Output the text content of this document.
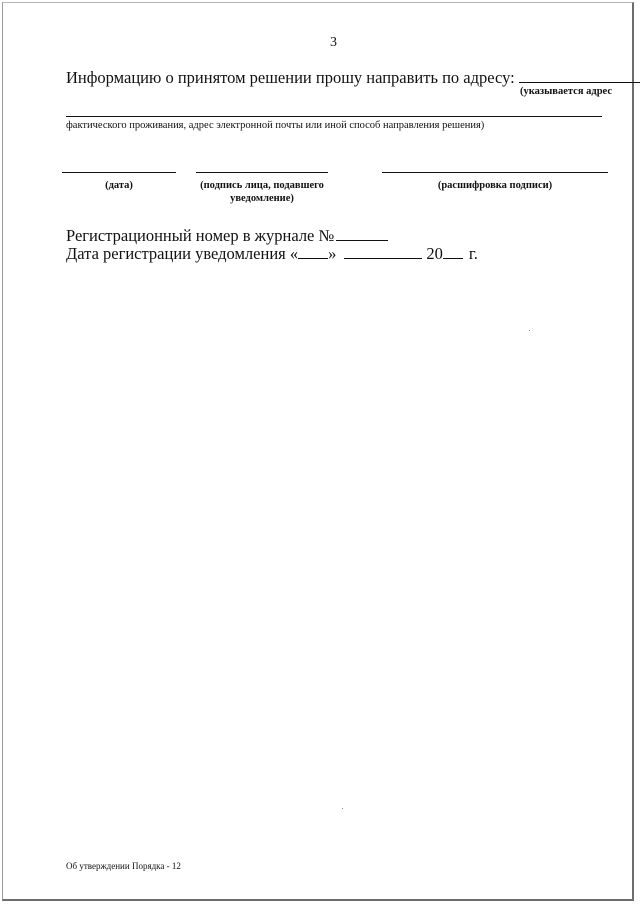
3
Информацию о принятом решении прошу направить по адресу:
(указывается адрес
фактического проживания, адрес электронной почты или иной способ направления решения)
(дата)	(подпись лица, подавшего
уведомление)
(расшифровка подписи)
Регистрационный номер в журнале №
Дата регистрации уведомления « »	20 г.
Об утверждении Порядка - 12
